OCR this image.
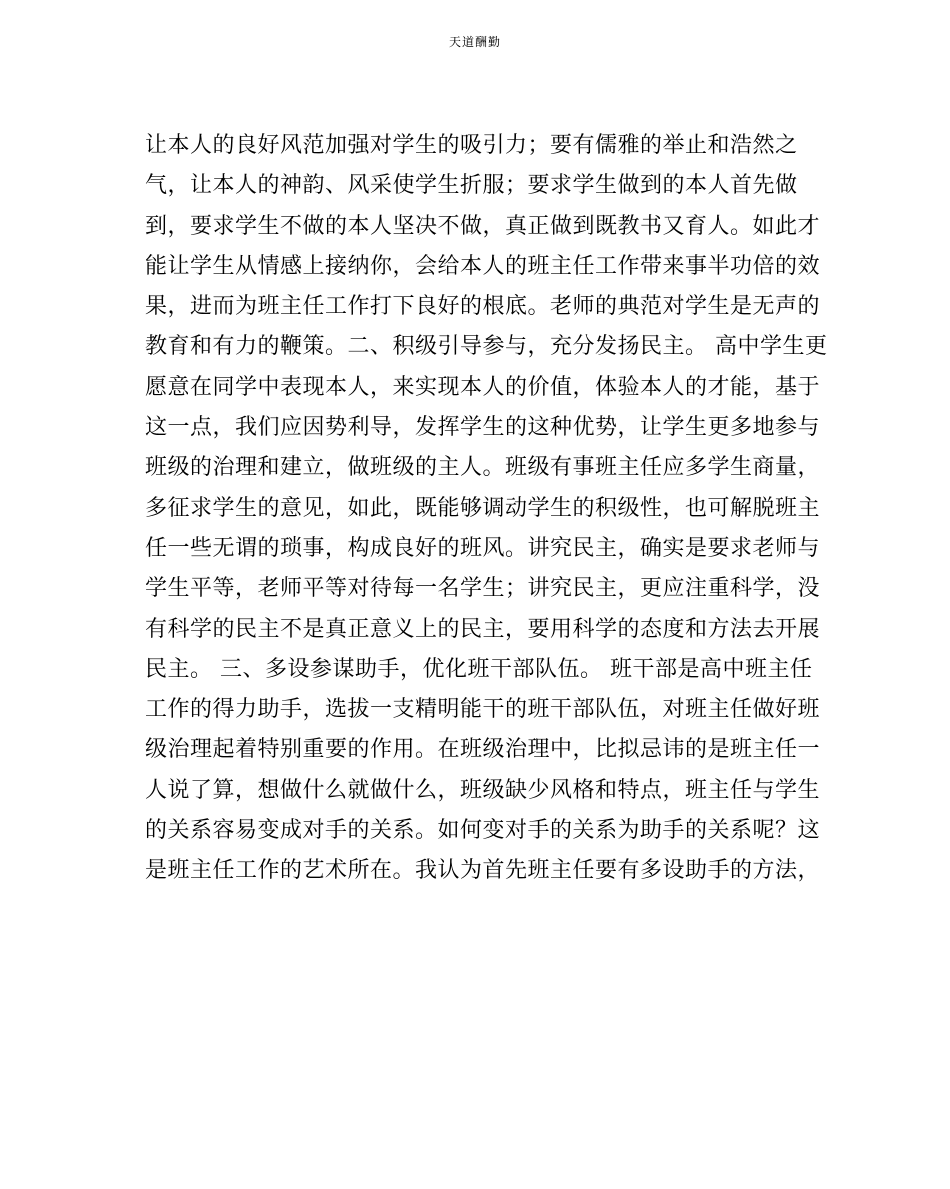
天道酬勤
让本人的良好风范加强对学生的吸引力；要有儒雅的举止和浩然之
气，让本人的神韵、风采使学生折服；要求学生做到的本人首先做
到，要求学生不做的本人坚决不做，真正做到既教书又育人。如此才
能让学生从情感上接纳你，会给本人的班主任工作带来事半功倍的效
果，进而为班主任工作打下良好的根底。老师的典范对学生是无声的
教育和有力的鞭策。二、积级引导参与，充分发扬民主。 高中学生更
愿意在同学中表现本人，来实现本人的价值，体验本人的才能，基于
这一点，我们应因势利导，发挥学生的这种优势，让学生更多地参与
班级的治理和建立，做班级的主人。班级有事班主任应多学生商量，
多征求学生的意见，如此，既能够调动学生的积级性，也可解脱班主
任一些无谓的琐事，构成良好的班风。讲究民主，确实是要求老师与
学生平等，老师平等对待每一名学生；讲究民主，更应注重科学，没
有科学的民主不是真正意义上的民主，要用科学的态度和方法去开展
民主。 三、多设参谋助手，优化班干部队伍。 班干部是高中班主任
工作的得力助手，选拔一支精明能干的班干部队伍，对班主任做好班
级治理起着特别重要的作用。在班级治理中，比拟忌讳的是班主任一
人说了算，想做什么就做什么，班级缺少风格和特点，班主任与学生
的关系容易变成对手的关系。如何变对手的关系为助手的关系呢？这
是班主任工作的艺术所在。我认为首先班主任要有多设助手的方法，
